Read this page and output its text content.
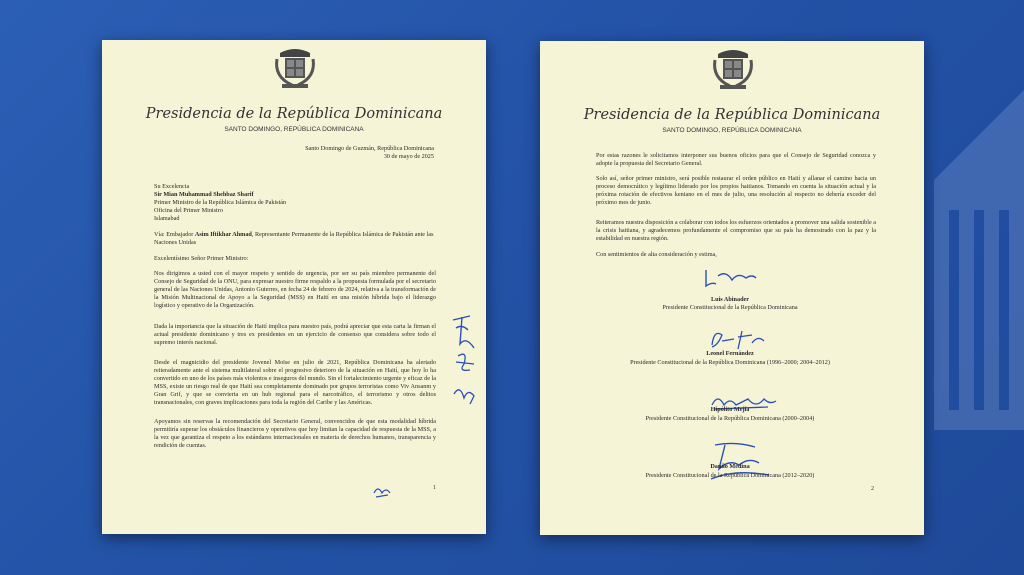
Presidencia de la República Dominicana
SANTO DOMINGO, REPÚBLICA DOMINICANA
Santo Domingo de Guzmán, República Dominicana
30 de mayo de 2025
Su Excelencia
Sir Mian Muhammad Shehbaz Sharif
Primer Ministro de la República Islámica de Pakistán
Oficina del Primer Ministro
Islamabad
Vía: Embajador Asim Iftikhar Ahmad, Representante Permanente de la República Islámica de Pakistán ante las Naciones Unidas
Excelentísimo Señor Primer Ministro:
Nos dirigimos a usted con el mayor respeto y sentido de urgencia, por ser su país miembro permanente del Consejo de Seguridad de la ONU, para expresar nuestro firme respaldo a la propuesta formulada por el secretario general de las Naciones Unidas, Antonio Guterres, en fecha 24 de febrero de 2024, relativa a la transformación de la Misión Multinacional de Apoyo a la Seguridad (MSS) en Haití en una misión híbrida bajo el liderazgo logístico y operativo de la Organización.
Dada la importancia que la situación de Haití implica para nuestro país, podrá apreciar que esta carta la firman el actual presidente dominicano y tres ex presidentes en un ejercicio de consenso que considera sobre todo el supremo interés nacional.
Desde el magnicidio del presidente Jovenel Moïse en julio de 2021, República Dominicana ha alertado reiteradamente ante el sistema multilateral sobre el progresivo deterioro de la situación en Haití, que hoy lo ha convertido en uno de los países más violentos e inseguros del mundo. Sin el fortalecimiento urgente y eficaz de la MSS, existe un riesgo real de que Haití sea completamente dominado por grupos terroristas como Viv Ansanm y Gran Grif, y que se convierta en un hub regional para el narcotráfico, el terrorismo y otros delitos transnacionales, con graves implicaciones para toda la región del Caribe y las Américas.
Apoyamos sin reservas la recomendación del Secretario General, convencidos de que esta modalidad híbrida permitiría superar los obstáculos financieros y operativos que hoy limitan la capacidad de respuesta de la MSS, a la vez que garantiza el respeto a los estándares internacionales en materia de derechos humanos, transparencia y rendición de cuentas.
1
Presidencia de la República Dominicana
SANTO DOMINGO, REPÚBLICA DOMINICANA
Por estas razones le solicitamos interponer sus buenos oficios para que el Consejo de Seguridad conozca y adopte la propuesta del Secretario General.
Solo así, señor primer ministro, será posible restaurar el orden público en Haití y allanar el camino hacia un proceso democrático y legítimo liderado por los propios haitianos. Tomando en cuenta la situación actual y la próxima rotación de efectivos keniano en el mes de julio, una resolución al respecto no debería exceder del próximo mes de junio.
Reiteramos nuestra disposición a colaborar con todos los esfuerzos orientados a promover una salida sostenible a la crisis haitiana, y agradecemos profundamente el compromiso que su país ha demostrado con la paz y la estabilidad en nuestra región.
Con sentimientos de alta consideración y estima,
Luis Abinader
Presidente Constitucional de la República Dominicana
Leonel Fernández
Presidente Constitucional de la República Dominicana (1996–2000; 2004–2012)
Hipólito Mejía
Presidente Constitucional de la República Dominicana (2000–2004)
Danilo Medina
Presidente Constitucional de la República Dominicana (2012–2020)
2
